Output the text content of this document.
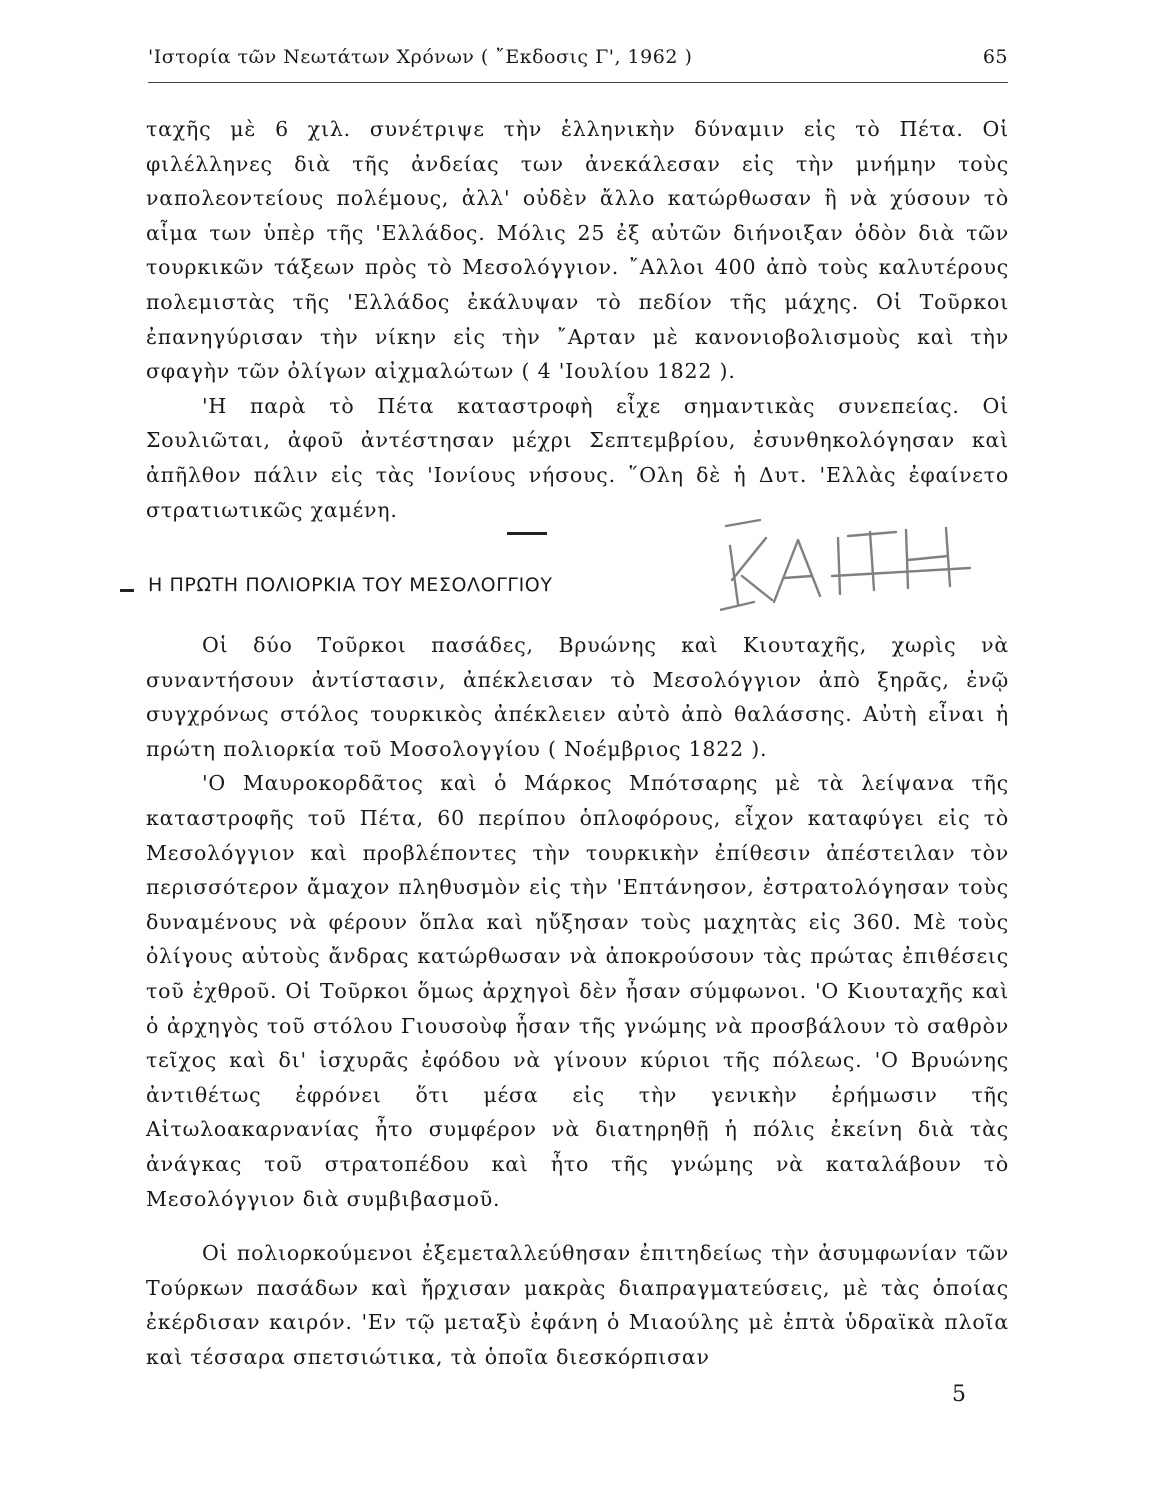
'Ιστορία τῶν Νεωτάτων Χρόνων ( ῎Εκδοσις Γ', 1962 )	65

ταχῆς μὲ 6 χιλ. συνέτριψε τὴν ἑλληνικὴν δύναμιν εἰς τὸ Πέτα. Οἱ φιλέλληνες διὰ τῆς ἀνδείας των ἀνεκάλεσαν εἰς τὴν μνήμην τοὺς ναπολεοντείους πολέμους, ἀλλ' οὐδὲν ἄλλο κατώρθωσαν ἢ νὰ χύσουν τὸ αἷμα των ὑπὲρ τῆς 'Ελλάδος. Μόλις 25 ἐξ αὐτῶν διήνοιξαν ὁδὸν διὰ τῶν τουρκικῶν τάξεων πρὸς τὸ Μεσολόγγιον. ῎Αλλοι 400 ἀπὸ τοὺς καλυτέρους πολεμιστὰς τῆς 'Ελλάδος ἐκάλυψαν τὸ πεδίον τῆς μάχης. Οἱ Τοῦρκοι ἐπανηγύρισαν τὴν νίκην εἰς τὴν ῎Αρταν μὲ κανονιοβολισμοὺς καὶ τὴν σφαγὴν τῶν ὀλίγων αἰχμαλώτων ( 4 'Ιουλίου 1822 ).

'Η παρὰ τὸ Πέτα καταστροφὴ εἶχε σημαντικὰς συνεπείας. Οἱ Σουλιῶται, ἀφοῦ ἀντέστησαν μέχρι Σεπτεμβρίου, ἐσυνθηκολόγησαν καὶ ἀπῆλθον πάλιν εἰς τὰς 'Ιονίους νήσους. ῞Ολη δὲ ἡ Δυτ. 'Ελλὰς ἐφαίνετο στρατιωτικῶς χαμένη.

Η ΠΡΩΤΗ ΠΟΛΙΟΡΚΙΑ ΤΟΥ ΜΕΣΟΛΟΓΓΙΟΥ

Οἱ δύο Τοῦρκοι πασάδες, Βρυώνης καὶ Κιουταχῆς, χωρὶς νὰ συναντήσουν ἀντίστασιν, ἀπέκλεισαν τὸ Μεσολόγγιον ἀπὸ ξηρᾶς, ἐνῷ συγχρόνως στόλος τουρκικὸς ἀπέκλειεν αὐτὸ ἀπὸ θαλάσσης. Αὐτὴ εἶναι ἡ πρώτη πολιορκία τοῦ Μοσολογγίου ( Νοέμβριος 1822 ).

'Ο Μαυροκορδᾶτος καὶ ὁ Μάρκος Μπότσαρης μὲ τὰ λείψανα τῆς καταστροφῆς τοῦ Πέτα, 60 περίπου ὁπλοφόρους, εἶχον καταφύγει εἰς τὸ Μεσολόγγιον καὶ προβλέποντες τὴν τουρκικὴν ἐπίθεσιν ἀπέστειλαν τὸν περισσότερον ἄμαχον πληθυσμὸν εἰς τὴν 'Επτάνησον, ἐστρατολόγησαν τοὺς δυναμένους νὰ φέρουν ὅπλα καὶ ηὔξησαν τοὺς μαχητὰς εἰς 360. Μὲ τοὺς ὀλίγους αὐτοὺς ἄνδρας κατώρθωσαν νὰ ἀποκρούσουν τὰς πρώτας ἐπιθέσεις τοῦ ἐχθροῦ. Οἱ Τοῦρκοι ὅμως ἀρχηγοὶ δὲν ἦσαν σύμφωνοι. 'Ο Κιουταχῆς καὶ ὁ ἀρχηγὸς τοῦ στόλου Γιουσοὺφ ἦσαν τῆς γνώμης νὰ προσβάλουν τὸ σαθρὸν τεῖχος καὶ δι' ἰσχυρᾶς ἐφόδου νὰ γίνουν κύριοι τῆς πόλεως. 'Ο Βρυώνης ἀντιθέτως ἐφρόνει ὅτι μέσα εἰς τὴν γενικὴν ἐρήμωσιν τῆς Αἰτωλοακαρνανίας ἦτο συμφέρον νὰ διατηρηθῇ ἡ πόλις ἐκείνη διὰ τὰς ἀνάγκας τοῦ στρατοπέδου καὶ ἦτο τῆς γνώμης νὰ καταλάβουν τὸ Μεσολόγγιον διὰ συμβιβασμοῦ.

Οἱ πολιορκούμενοι ἐξεμεταλλεύθησαν ἐπιτηδείως τὴν ἀσυμφωνίαν τῶν Τούρκων πασάδων καὶ ἤρχισαν μακρὰς διαπραγματεύσεις, μὲ τὰς ὁποίας ἐκέρδισαν καιρόν. 'Εν τῷ μεταξὺ ἐφάνη ὁ Μιαούλης μὲ ἑπτὰ ὑδραϊκὰ πλοῖα καὶ τέσσαρα σπετσιώτικα, τὰ ὁποῖα διεσκόρπισαν

5
